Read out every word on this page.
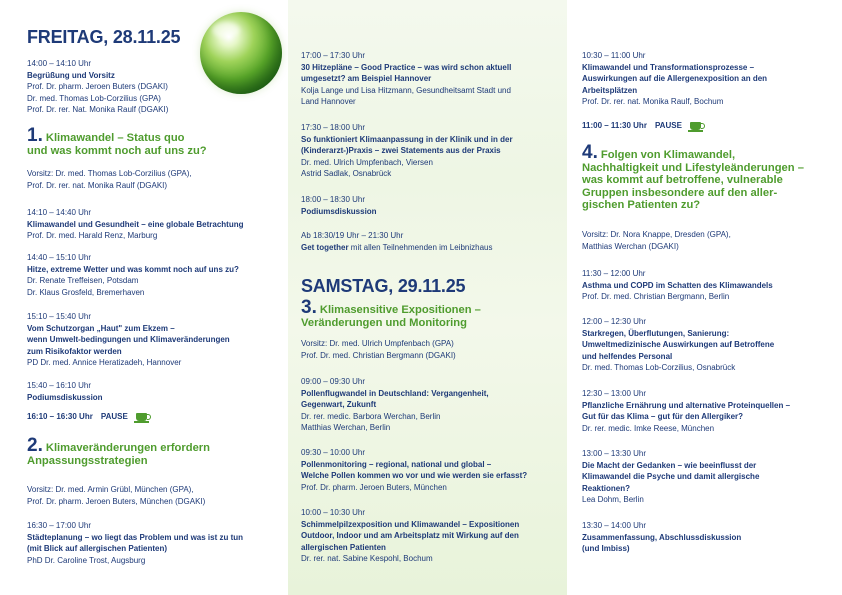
FREITAG, 28.11.25
14:00 – 14:10 Uhr
Begrüßung und Vorsitz
Prof. Dr. pharm. Jeroen Buters (DGAKI)
Dr. med. Thomas Lob-Corzilius (GPA)
Prof. Dr. rer. Nat. Monika Raulf (DGAKI)
1. Klimawandel – Status quo
und was kommt noch auf uns zu?
Vorsitz: Dr. med. Thomas Lob-Corzilius (GPA),
Prof. Dr. rer. nat. Monika Raulf (DGAKI)
14:10 – 14:40 Uhr
Klimawandel und Gesundheit – eine globale Betrachtung
Prof. Dr. med. Harald Renz, Marburg
14:40 – 15:10 Uhr
Hitze, extreme Wetter und was kommt noch auf uns zu?
Dr. Renate Treffeisen, Potsdam
Dr. Klaus Grosfeld, Bremerhaven
15:10 – 15:40 Uhr
Vom Schutzorgan „Haut" zum Ekzem –
wenn Umwelt-bedingungen und Klimaveränderungen
zum Risikofaktor werden
PD Dr. med. Annice Heratizadeh, Hannover
15:40 – 16:10 Uhr
Podiumsdiskussion
16:10 – 16:30 Uhr PAUSE
2. Klimaveränderungen erfordern
Anpassungsstrategien
Vorsitz: Dr. med. Armin Grübl, München (GPA),
Prof. Dr. pharm. Jeroen Buters, München (DGAKI)
16:30 – 17:00 Uhr
Städteplanung – wo liegt das Problem und was ist zu tun
(mit Blick auf allergischen Patienten)
PhD Dr. Caroline Trost, Augsburg
17:00 – 17:30 Uhr
30 Hitzepläne – Good Practice – was wird schon aktuell
umgesetzt? am Beispiel Hannover
Kolja Lange und Lisa Hitzmann, Gesundheitsamt Stadt und
Land Hannover
17:30 – 18:00 Uhr
So funktioniert Klimaanpassung in der Klinik und in der
(Kinderarzt-)Praxis – zwei Statements aus der Praxis
Dr. med. Ulrich Umpfenbach, Viersen
Astrid Sadlak, Osnabrück
18:00 – 18:30 Uhr
Podiumsdiskussion
Ab 18:30/19 Uhr – 21:30 Uhr
Get together mit allen Teilnehmenden im Leibnizhaus
SAMSTAG, 29.11.25
3. Klimasensitive Expositionen –
Veränderungen und Monitoring
Vorsitz: Dr. med. Ulrich Umpfenbach (GPA)
Prof. Dr. med. Christian Bergmann (DGAKI)
09:00 – 09:30 Uhr
Pollenflugwandel in Deutschland: Vergangenheit,
Gegenwart, Zukunft
Dr. rer. medic. Barbora Werchan, Berlin
Matthias Werchan, Berlin
09:30 – 10:00 Uhr
Pollenmonitoring – regional, national und global –
Welche Pollen kommen wo vor und wie werden sie erfasst?
Prof. Dr. pharm. Jeroen Buters, München
10:00 – 10:30 Uhr
Schimmelpilzexposition und Klimawandel – Expositionen
Outdoor, Indoor und am Arbeitsplatz mit Wirkung auf den
allergischen Patienten
Dr. rer. nat. Sabine Kespohl, Bochum
10:30 – 11:00 Uhr
Klimawandel und Transformationsprozesse –
Auswirkungen auf die Allergenexposition an den
Arbeitsplätzen
Prof. Dr. rer. nat. Monika Raulf, Bochum
11:00 – 11:30 Uhr PAUSE
4. Folgen von Klimawandel,
Nachhaltigkeit und Lifestyleänderungen –
was kommt auf betroffene, vulnerable
Gruppen insbesondere auf den aller-
gischen Patienten zu?
Vorsitz: Dr. Nora Knappe, Dresden (GPA),
Matthias Werchan (DGAKI)
11:30 – 12:00 Uhr
Asthma und COPD im Schatten des Klimawandels
Prof. Dr. med. Christian Bergmann, Berlin
12:00 – 12:30 Uhr
Starkregen, Überflutungen, Sanierung:
Umweltmedizinische Auswirkungen auf Betroffene
und helfendes Personal
Dr. med. Thomas Lob-Corzilius, Osnabrück
12:30 – 13:00 Uhr
Pflanzliche Ernährung und alternative Proteinquellen –
Gut für das Klima – gut für den Allergiker?
Dr. rer. medic. Imke Reese, München
13:00 – 13:30 Uhr
Die Macht der Gedanken – wie beeinflusst der
Klimawandel die Psyche und damit allergische
Reaktionen?
Lea Dohm, Berlin
13:30 – 14:00 Uhr
Zusammenfassung, Abschlussdiskussion
(und Imbiss)
